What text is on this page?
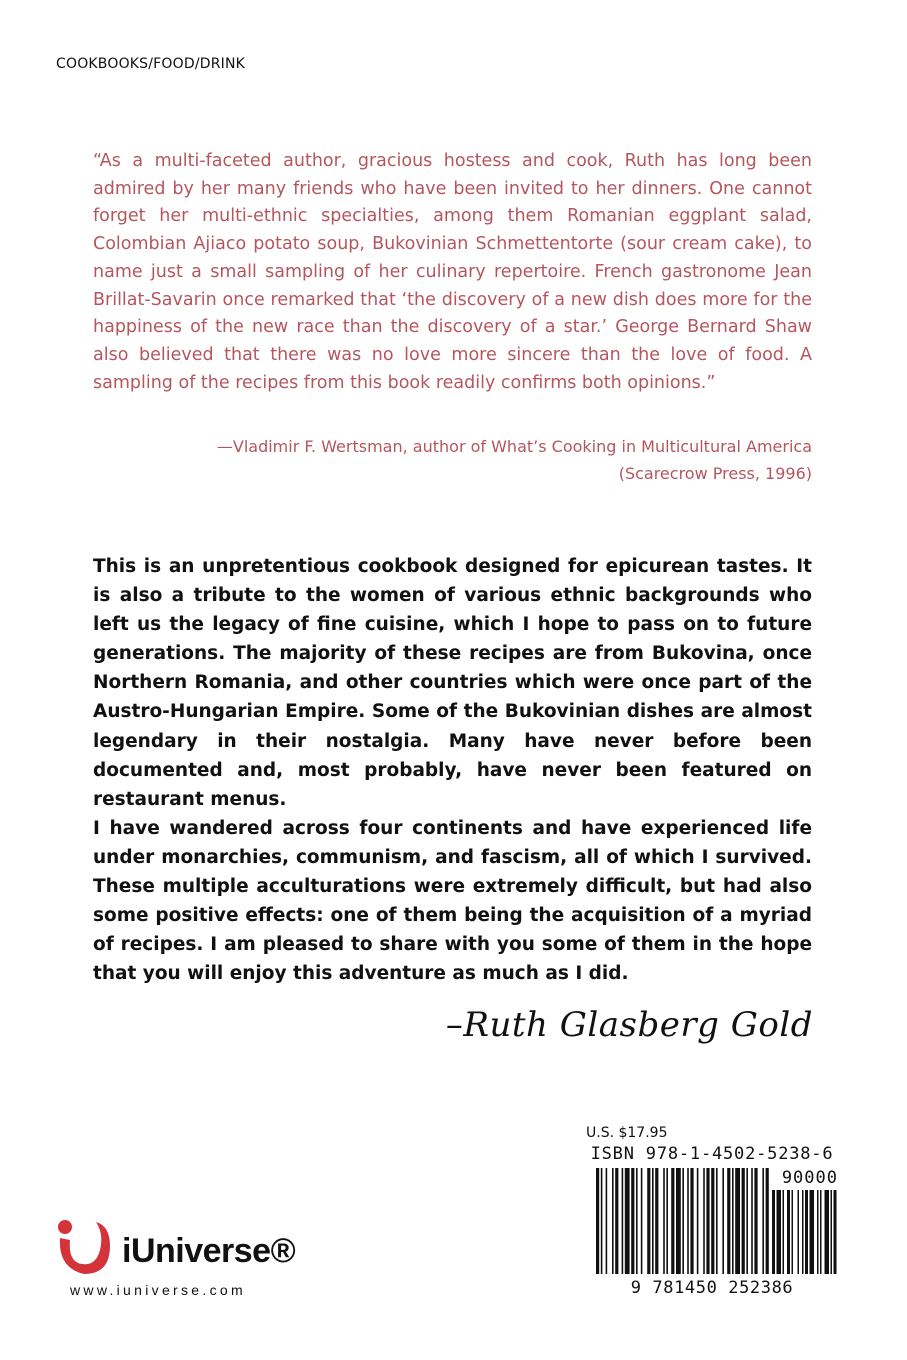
COOKBOOKS/FOOD/DRINK

“As a multi-faceted author, gracious hostess and cook, Ruth has long been admired by her many friends who have been invited to her dinners. One cannot forget her multi-ethnic specialties, among them Romanian eggplant salad, Colombian Ajiaco potato soup, Bukovinian Schmettentorte (sour cream cake), to name just a small sampling of her culinary repertoire. French gastronome Jean Brillat-Savarin once remarked that ‘the discovery of a new dish does more for the happiness of the new race than the discovery of a star.’ George Bernard Shaw also believed that there was no love more sincere than the love of food. A sampling of the recipes from this book readily confirms both opinions.”

—Vladimir F. Wertsman, author of What’s Cooking in Multicultural America
(Scarecrow Press, 1996)

This is an unpretentious cookbook designed for epicurean tastes. It is also a tribute to the women of various ethnic backgrounds who left us the legacy of fine cuisine, which I hope to pass on to future generations. The majority of these recipes are from Bukovina, once Northern Romania, and other countries which were once part of the Austro-Hungarian Empire. Some of the Bukovinian dishes are almost legendary in their nostalgia. Many have never before been documented and, most probably, have never been featured on restaurant menus.

I have wandered across four continents and have experienced life under monarchies, communism, and fascism, all of which I survived. These multiple acculturations were extremely difficult, but had also some positive effects: one of them being the acquisition of a myriad of recipes. I am pleased to share with you some of them in the hope that you will enjoy this adventure as much as I did.

–Ruth Glasberg Gold
iUniverse®
www.iuniverse.com
U.S. $17.95
ISBN 978-1-4502-5238-6
90000
9 781450 252386
